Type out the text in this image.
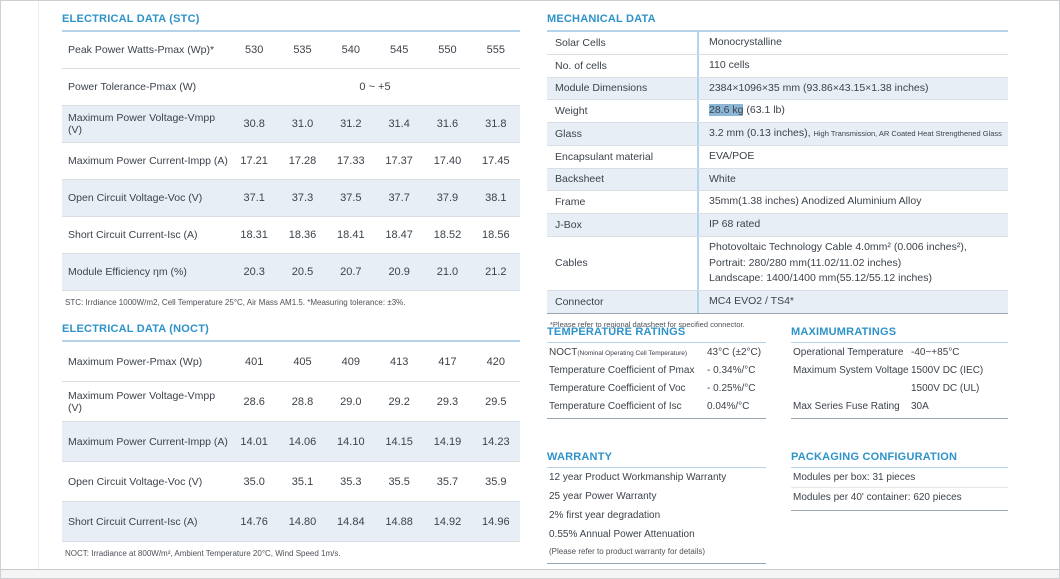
ELECTRICAL DATA (STC)
Peak Power Watts-Pmax (Wp)*	530	535	540	545	550	555
Power Tolerance-Pmax (W)	0 ~ +5
Maximum Power Voltage-Vmpp (V)	30.8	31.0	31.2	31.4	31.6	31.8
Maximum Power Current-Impp (A)	17.21	17.28	17.33	17.37	17.40	17.45
Open Circuit Voltage-Voc (V)	37.1	37.3	37.5	37.7	37.9	38.1
Short Circuit Current-Isc (A)	18.31	18.36	18.41	18.47	18.52	18.56
Module Efficiency ηm (%)	20.3	20.5	20.7	20.9	21.0	21.2
STC: Irrdiance 1000W/m2, Cell Temperature 25°C, Air Mass AM1.5. *Measuring tolerance: ±3%.
ELECTRICAL DATA (NOCT)
Maximum Power-Pmax (Wp)	401	405	409	413	417	420
Maximum Power Voltage-Vmpp (V)	28.6	28.8	29.0	29.2	29.3	29.5
Maximum Power Current-Impp (A)	14.01	14.06	14.10	14.15	14.19	14.23
Open Circuit Voltage-Voc (V)	35.0	35.1	35.3	35.5	35.7	35.9
Short Circuit Current-Isc (A)	14.76	14.80	14.84	14.88	14.92	14.96
NOCT: Irradiance at 800W/m², Ambient Temperature 20°C, Wind Speed 1m/s.
MECHANICAL DATA
Solar Cells	Monocrystalline
No. of cells	110 cells
Module Dimensions	2384×1096×35 mm (93.86×43.15×1.38 inches)
Weight	28.6 kg (63.1 lb)
Glass	3.2 mm (0.13 inches), High Transmission, AR Coated Heat Strengthened Glass
Encapsulant material	EVA/POE
Backsheet	White
Frame	35mm(1.38 inches) Anodized Aluminium Alloy
J-Box	IP 68 rated
Cables
Photovoltaic Technology Cable 4.0mm² (0.006 inches²),
Portrait: 280/280 mm(11.02/11.02 inches)
Landscape: 1400/1400 mm(55.12/55.12 inches)
Connector	MC4 EVO2 / TS4*
*Please refer to regional datasheet for specified connector.
TEMPERATURE RATINGS
NOCT(Nominal Operating Cell Temperature)	43°C (±2°C)
Temperature Coefficient of Pmax	- 0.34%/°C
Temperature Coefficient of Voc	- 0.25%/°C
Temperature Coefficient of Isc	0.04%/°C
MAXIMUMRATINGS
Operational Temperature -40~+85°C
Maximum System Voltage 1500V DC (IEC)
1500V DC (UL)
Max Series Fuse Rating	30A
WARRANTY
12 year Product Workmanship Warranty
25 year Power Warranty
2% first year degradation
0.55% Annual Power Attenuation
(Please refer to product warranty for details)
PACKAGING CONFIGURATION
Modules per box: 31 pieces
Modules per 40' container: 620 pieces
